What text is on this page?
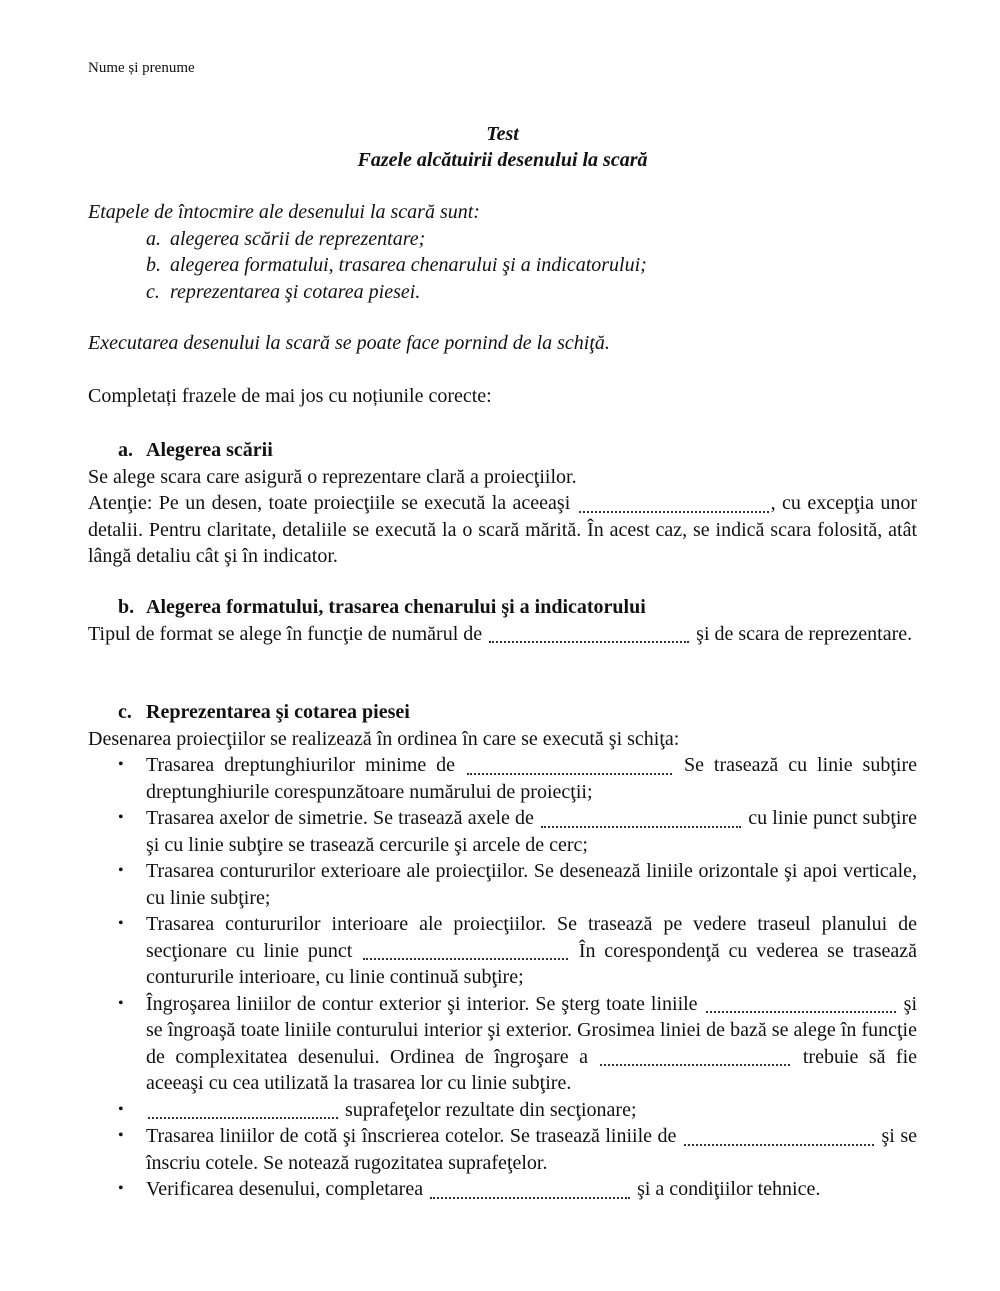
Nume și prenume
Test
Fazele alcătuirii desenului la scară
Etapele de întocmire ale desenului la scară sunt:
a. alegerea scării de reprezentare;
b. alegerea formatului, trasarea chenarului şi a indicatorului;
c. reprezentarea şi cotarea piesei.
Executarea desenului la scară se poate face pornind de la schiţă.
Completați frazele de mai jos cu noțiunile corecte:
a. Alegerea scării
Se alege scara care asigură o reprezentare clară a proiecţiilor.
Atenţie: Pe un desen, toate proiecţiile se execută la aceeaşi	, cu excepţia unor detalii. Pentru claritate, detaliile se execută la o scară mărită. În acest caz, se indică scara folosită, atât lângă detaliu cât şi în indicator.
b. Alegerea formatului, trasarea chenarului şi a indicatorului
Tipul de format se alege în funcţie de numărul de	şi de scara de reprezentare.
c. Reprezentarea şi cotarea piesei
Desenarea proiecţiilor se realizează în ordinea în care se execută şi schiţa:
• Trasarea dreptunghiurilor minime de	Se trasează cu linie subţire dreptunghiurile corespunzătoare numărului de proiecţii;
• Trasarea axelor de simetrie. Se trasează axele de	cu linie punct subţire şi cu linie subţire se trasează cercurile şi arcele de cerc;
• Trasarea contururilor exterioare ale proiecţiilor. Se desenează liniile orizontale şi apoi verticale, cu linie subţire;
• Trasarea contururilor interioare ale proiecţiilor. Se trasează pe vedere traseul planului de secţionare cu linie punct	În corespondenţă cu vederea se trasează contururile interioare, cu linie continuă subţire;
• Îngroşarea liniilor de contur exterior şi interior. Se şterg toate liniile	şi se îngroaşă toate liniile conturului interior şi exterior. Grosimea liniei de bază se alege în funcţie de complexitatea desenului. Ordinea de îngroşare a	trebuie să fie aceeaşi cu cea utilizată la trasarea lor cu linie subţire.
•	suprafeţelor rezultate din secţionare;
• Trasarea liniilor de cotă şi înscrierea cotelor. Se trasează liniile de	şi se înscriu cotele. Se notează rugozitatea suprafeţelor.
• Verificarea desenului, completarea	şi a condiţiilor tehnice.
